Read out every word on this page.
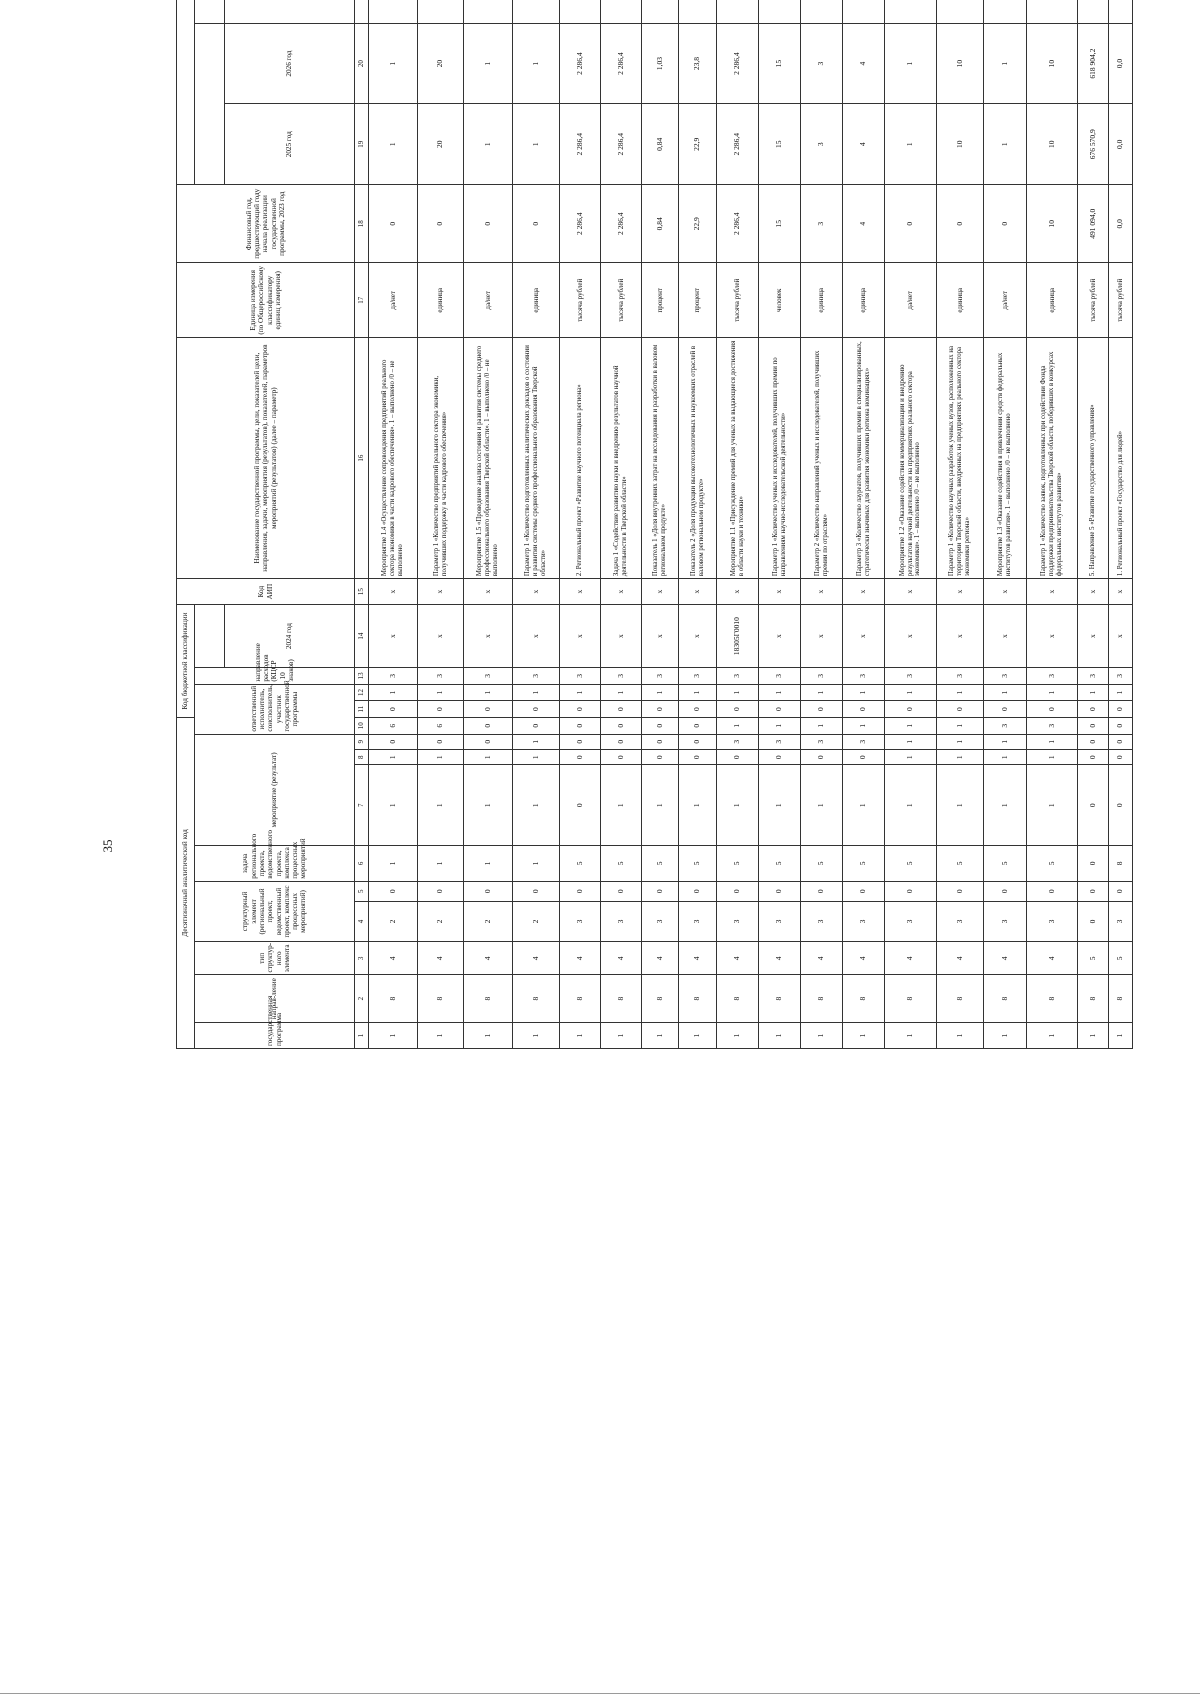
35	Десятизначный аналитический код										Код бюджетной классификации				Код АИП	Наименование государственной программы, цели, показателей цели, направления, задачи, мероприятия (результатов), показателей, параметров мероприятий (результатов) (далее – параметр)	Единица измерения (по Общероссийскому классификатору единиц измерения)	Финансовый год, предшествующий году начала реализации государственной программы, 2023 год	
государственная программа	направ-ление	тип структур-ного элемента	структурный элемент (региональный проект, ведомственный проект, комплекс процессных мероприятий)		задача регионального проекта, ведомственного проекта, комплекса процессных мероприятий	мероприятие (результат)			ответственный исполнитель, соисполнитель, участник государственной программы			направление расходов (КЦСР 10 знаков)												
													2024 год					2025 год	2026 год				
1	2	3	4	5	6	7	8	9	10	11	12	13	14	15	16	17	18	19	20					
1	8	4	2	0	1	1	1	0	6	0	1	3	x	x	Мероприятие 1.4 «Осуществление сопровождения предприятий реального сектора экономики в части кадрового обеспечения». 1 – выполнено /0 – не выполнено	да/нет	0	1	1					
1	8	4	2	0	1	1	1	0	6	0	1	3	x	x	Параметр 1 «Количество предприятий реального сектора экономики, получивших поддержку в части кадрового обеспечения»	единица	0	20	20					
1	8	4	2	0	1	1	1	0	0	0	1	3	x	x	Мероприятие 1.5 «Проведение анализа состояния и развития системы среднего профессионального образования Тверской области». 1 – выполнено /0 – не выполнено	да/нет	0	1	1					
1	8	4	2	0	1	1	1	1	0	0	1	3	x	x	Параметр 1 «Количество подготовленных аналитических докладов о состоянии и развитии системы среднего профессионального образования Тверской области»	единица	0	1	1					
1	8	4	3	0	5	0	0	0	0	0	1	3	x	x	2. Региональный проект «Развитие научного потенциала региона»	тысяча рублей	2 286,4	2 286,4	2 286,4					
1	8	4	3	0	5	1	0	0	0	0	1	3	x	x	Задача 1 «Содействие развитию науки и внедрению результатов научной деятельности в Тверской области»	тысяча рублей	2 286,4	2 286,4	2 286,4					
1	8	4	3	0	5	1	0	0	0	0	1	3	x	x	Показатель 1 «Доля внутренних затрат на исследования и разработки в валовом региональном продукте»	процент	0,84	0,84	1,03					
1	8	4	3	0	5	1	0	0	0	0	1	3	x	x	Показатель 2 «Доля продукции высокотехнологичных и наукоемких отраслей в валовом региональном продукте»	процент	22,9	22,9	23,8					
1	8	4	3	0	5	1	0	3	1	0	1	3	18305Г0010	x	Мероприятие 1.1 «Присуждение премий для ученых за выдающиеся достижения в области науки и техники»	тысяча рублей	2 286,4	2 286,4	2 286,4					
1	8	4	3	0	5	1	0	3	1	0	1	3	x	x	Параметр 1 «Количество ученых и исследователей, получивших премии по направлениям научно-исследовательской деятельности»	человек	15	15	15					
1	8	4	3	0	5	1	0	3	1	0	1	3	x	x	Параметр 2 «Количество направлений ученых и исследователей, получивших премии по отраслям»	единица	3	3	3					
1	8	4	3	0	5	1	0	3	1	0	1	3	x	x	Параметр 3 «Количество лауреатов, получивших премии в специализированных, стратегически значимых для развития экономики региона номинациях»	единица	4	4	4					
1	8	4	3	0	5	1	1	1	1	0	1	3	x	x	Мероприятие 1.2 «Оказание содействия коммерциализации и внедрению результатов научной деятельности на предприятиях реального сектора экономики». 1 – выполнено /0 – не выполнено	да/нет	0	1	1					
1	8	4	3	0	5	1	1	1	1	0	1	3	x	x	Параметр 1 «Количество научных разработок ученых вузов, расположенных на территории Тверской области, внедренных на предприятиях реального сектора экономики региона»	единица	0	10	10					
1	8	4	3	0	5	1	1	1	3	0	1	3	x	x	Мероприятие 1.3 «Оказание содействия в привлечении средств федеральных институтов развития». 1 – выполнено /0 – не выполнено	да/нет	0	1	1					
1	8	4	3	0	5	1	1	1	3	0	1	3	x	x	Параметр 1 «Количество заявок, подготовленных при содействии Фонда поддержки предпринимательства Тверской области, победивших в конкурсах федеральных институтов развития»	единица	10	10	10					
1	8	5	0	0	0	0	0	0	0	0	1	3	x	x	5. Направление 5 «Развитие государственного управления»	тысяча рублей	491 094,0	676 570,9	618 904,2					
1	8	5	3	0	8	0	0	0	0	0	1	3	x	x	1. Региональный проект «Государство для людей»	тысяча рублей	0,0	0,0	0,0					
